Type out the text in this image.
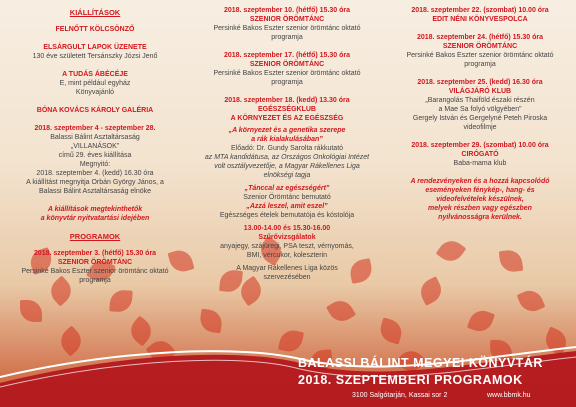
KIÁLLÍTÁSOK
FELNŐTT KÖLCSÖNZŐ
ELSÁRGULT LAPOK ÜZENETE
130 éve született Tersánszky Józsi Jenő
A TUDÁS ÁBÉCÉJE
E, mint például egyház
Könyvajánló
BÓNA KOVÁCS KÁROLY GALÉRIA
2018. szeptember 4 - szeptember 28.
Balassi Bálint Asztaltársaság
„VILLANÁSOK”
című 29. éves kiállítása
Megnyitó:
2018. szeptember 4. (kedd) 16.30 óra
A kiállítást megnyitja Orbán György János, a
Balassi Bálint Asztaltársaság elnöke
A kiállítások megtekinthetők
a könyvtár nyitvatartási idejében
PROGRAMOK
2018. szeptember 3. (hétfő) 15.30 óra
SZENIOR ÖRÖMTÁNC
Persinké Bakos Eszter szenior örömtánc oktató
programja
2018. szeptember 10. (hétfő) 15.30 óra
SZENIOR ÖRÖMTÁNC
Persinké Bakos Eszter szenior örömtánc oktató
programja
2018. szeptember 17. (hétfő) 15.30 óra
SZENIOR ÖRÖMTÁNC
Persinké Bakos Eszter szenior örömtánc oktató
programja
2018. szeptember 18. (kedd) 13.30 óra
EGÉSZSÉGKLUB
A KÖRNYEZET ÉS AZ EGÉSZSÉG
„A környezet és a genetika szerepe
a rák kialakulásában”
Előadó: Dr. Gundy Sarolta rákkutató
az MTA kandidátusa, az Országos Onkológiai Intézet
volt osztályvezetője, a Magyar Rákellenes Liga
elnökségi tagja
„Tánccal az egészségért”
Szenior Örömtánc bemutató
„Azzá leszel, amit eszel”
Egészséges ételek bemutatója és kóstolója
13.00-14.00 és 15.30-16.00
Szűrővizsgálatok
anyajegy, szájüregi, PSA teszt, vérnyomás,
BMI, vércukor, koleszterin
A Magyar Rákellenes Liga közös
szervezésében
2018. szeptember 22. (szombat) 10.00 óra
EDIT NÉNI KÖNYVESPOLCA
2018. szeptember 24. (hétfő) 15.30 óra
SZENIOR ÖRÖMTÁNC
Persinké Bakos Eszter szenior örömtánc oktató
programja
2018. szeptember 25. (kedd) 16.30 óra
VILÁGJÁRÓ KLUB
„Barangolás Thaiföld északi részén
a Mae Sa folyó völgyében”
Gergely István és Gergelyné Peteh Piroska
videofilmje
2018. szeptember 29. (szombat) 10.00 óra
CIRÓGATÓ
Baba-mama klub
A rendezvényeken és a hozzá kapcsolódó
eseményeken fénykép-, hang- és
videofelvételek készülnek,
melyek részben vagy egészben
nyilvánosságra kerülnek.
BALASSI BÁLINT MEGYEI KÖNYVTÁR
2018. SZEPTEMBERI PROGRAMOK
3100 Salgótarján, Kassai sor 2	www.bbmk.hu
